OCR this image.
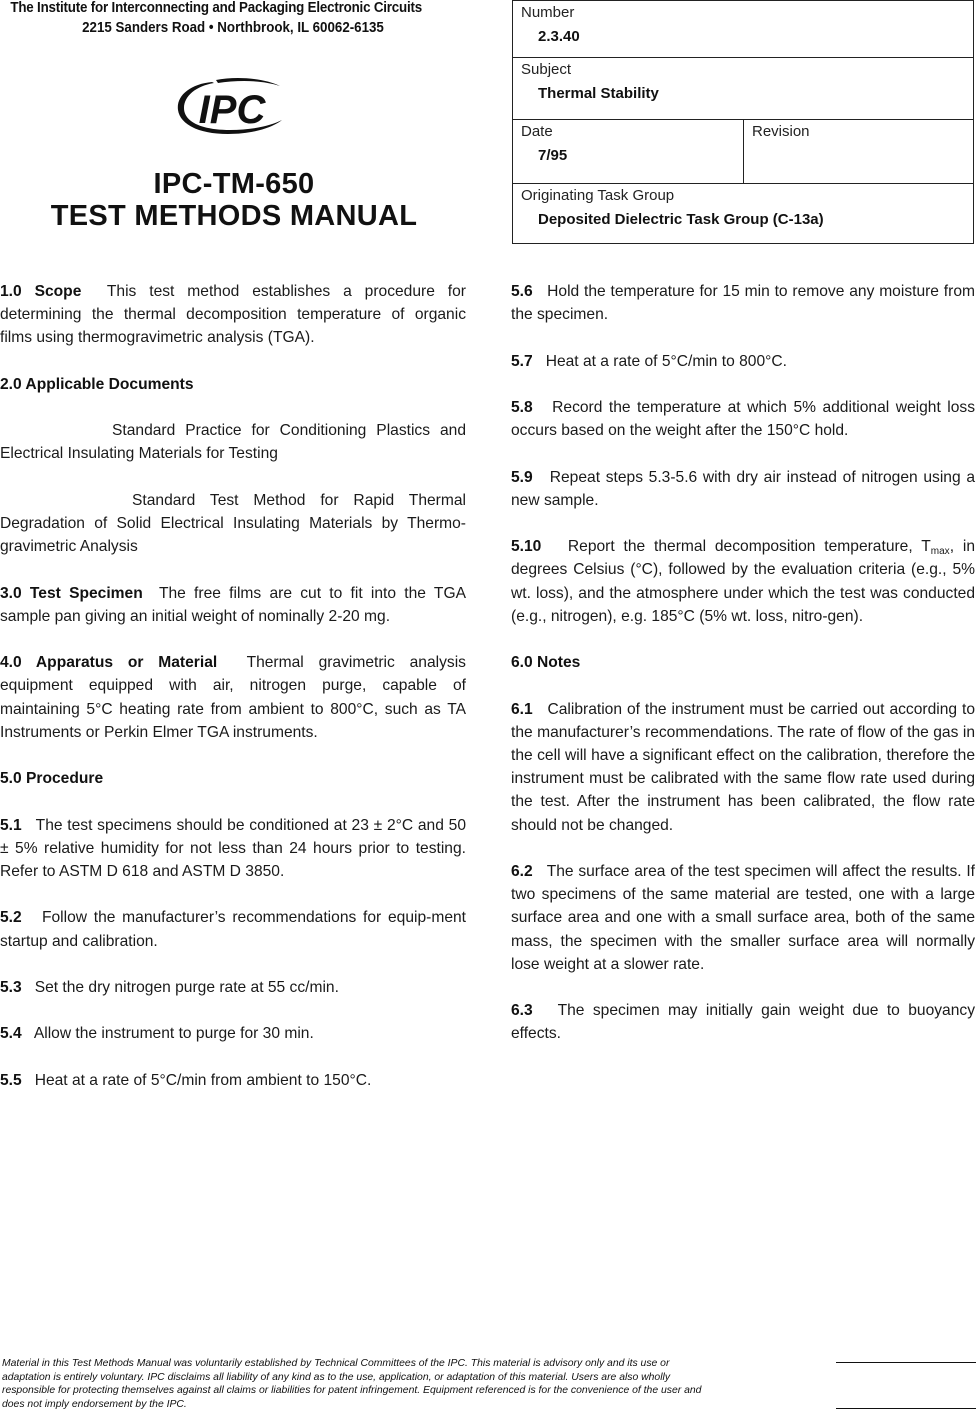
The Institute for Interconnecting and Packaging Electronic Circuits
2215 Sanders Road • Northbrook, IL 60062-6135
IPC
IPC-TM-650
TEST METHODS MANUAL
Number
2.3.40
Subject
Thermal Stability
Date
7/95
Revision
Originating Task Group
Deposited Dielectric Task Group (C-13a)

1.0 Scope This test method establishes a procedure for determining the thermal decomposition temperature of organic films using thermogravimetric analysis (TGA).

2.0 Applicable Documents

Standard Practice for Conditioning Plastics and Electrical Insulating Materials for Testing

Standard Test Method for Rapid Thermal Degradation of Solid Electrical Insulating Materials by Thermo-gravimetric Analysis

3.0 Test Specimen The free films are cut to fit into the TGA sample pan giving an initial weight of nominally 2-20 mg.

4.0 Apparatus or Material Thermal gravimetric analysis equipment equipped with air, nitrogen purge, capable of maintaining 5°C heating rate from ambient to 800°C, such as TA Instruments or Perkin Elmer TGA instruments.

5.0 Procedure

5.1 The test specimens should be conditioned at 23 ± 2°C and 50 ± 5% relative humidity for not less than 24 hours prior to testing. Refer to ASTM D 618 and ASTM D 3850.

5.2 Follow the manufacturer’s recommendations for equip-ment startup and calibration.

5.3 Set the dry nitrogen purge rate at 55 cc/min.

5.4 Allow the instrument to purge for 30 min.

5.5 Heat at a rate of 5°C/min from ambient to 150°C.

5.6 Hold the temperature for 15 min to remove any moisture from the specimen.

5.7 Heat at a rate of 5°C/min to 800°C.

5.8 Record the temperature at which 5% additional weight loss occurs based on the weight after the 150°C hold.

5.9 Repeat steps 5.3-5.6 with dry air instead of nitrogen using a new sample.

5.10 Report the thermal decomposition temperature, $T_{max}$, in degrees Celsius (°C), followed by the evaluation criteria (e.g., 5% wt. loss), and the atmosphere under which the test was conducted (e.g., nitrogen), e.g. 185°C (5% wt. loss, nitro-gen).

6.0 Notes

6.1 Calibration of the instrument must be carried out according to the manufacturer’s recommendations. The rate of flow of the gas in the cell will have a significant effect on the calibration, therefore the instrument must be calibrated with the same flow rate used during the test. After the instrument has been calibrated, the flow rate should not be changed.

6.2 The surface area of the test specimen will affect the results. If two specimens of the same material are tested, one with a large surface area and one with a small surface area, both of the same mass, the specimen with the smaller surface area will normally lose weight at a slower rate.

6.3 The specimen may initially gain weight due to buoyancy effects.

Material in this Test Methods Manual was voluntarily established by Technical Committees of the IPC. This material is advisory only and its use or adaptation is entirely voluntary. IPC disclaims all liability of any kind as to the use, application, or adaptation of this material. Users are also wholly responsible for protecting themselves against all claims or liabilities for patent infringement. Equipment referenced is for the convenience of the user and does not imply endorsement by the IPC.
